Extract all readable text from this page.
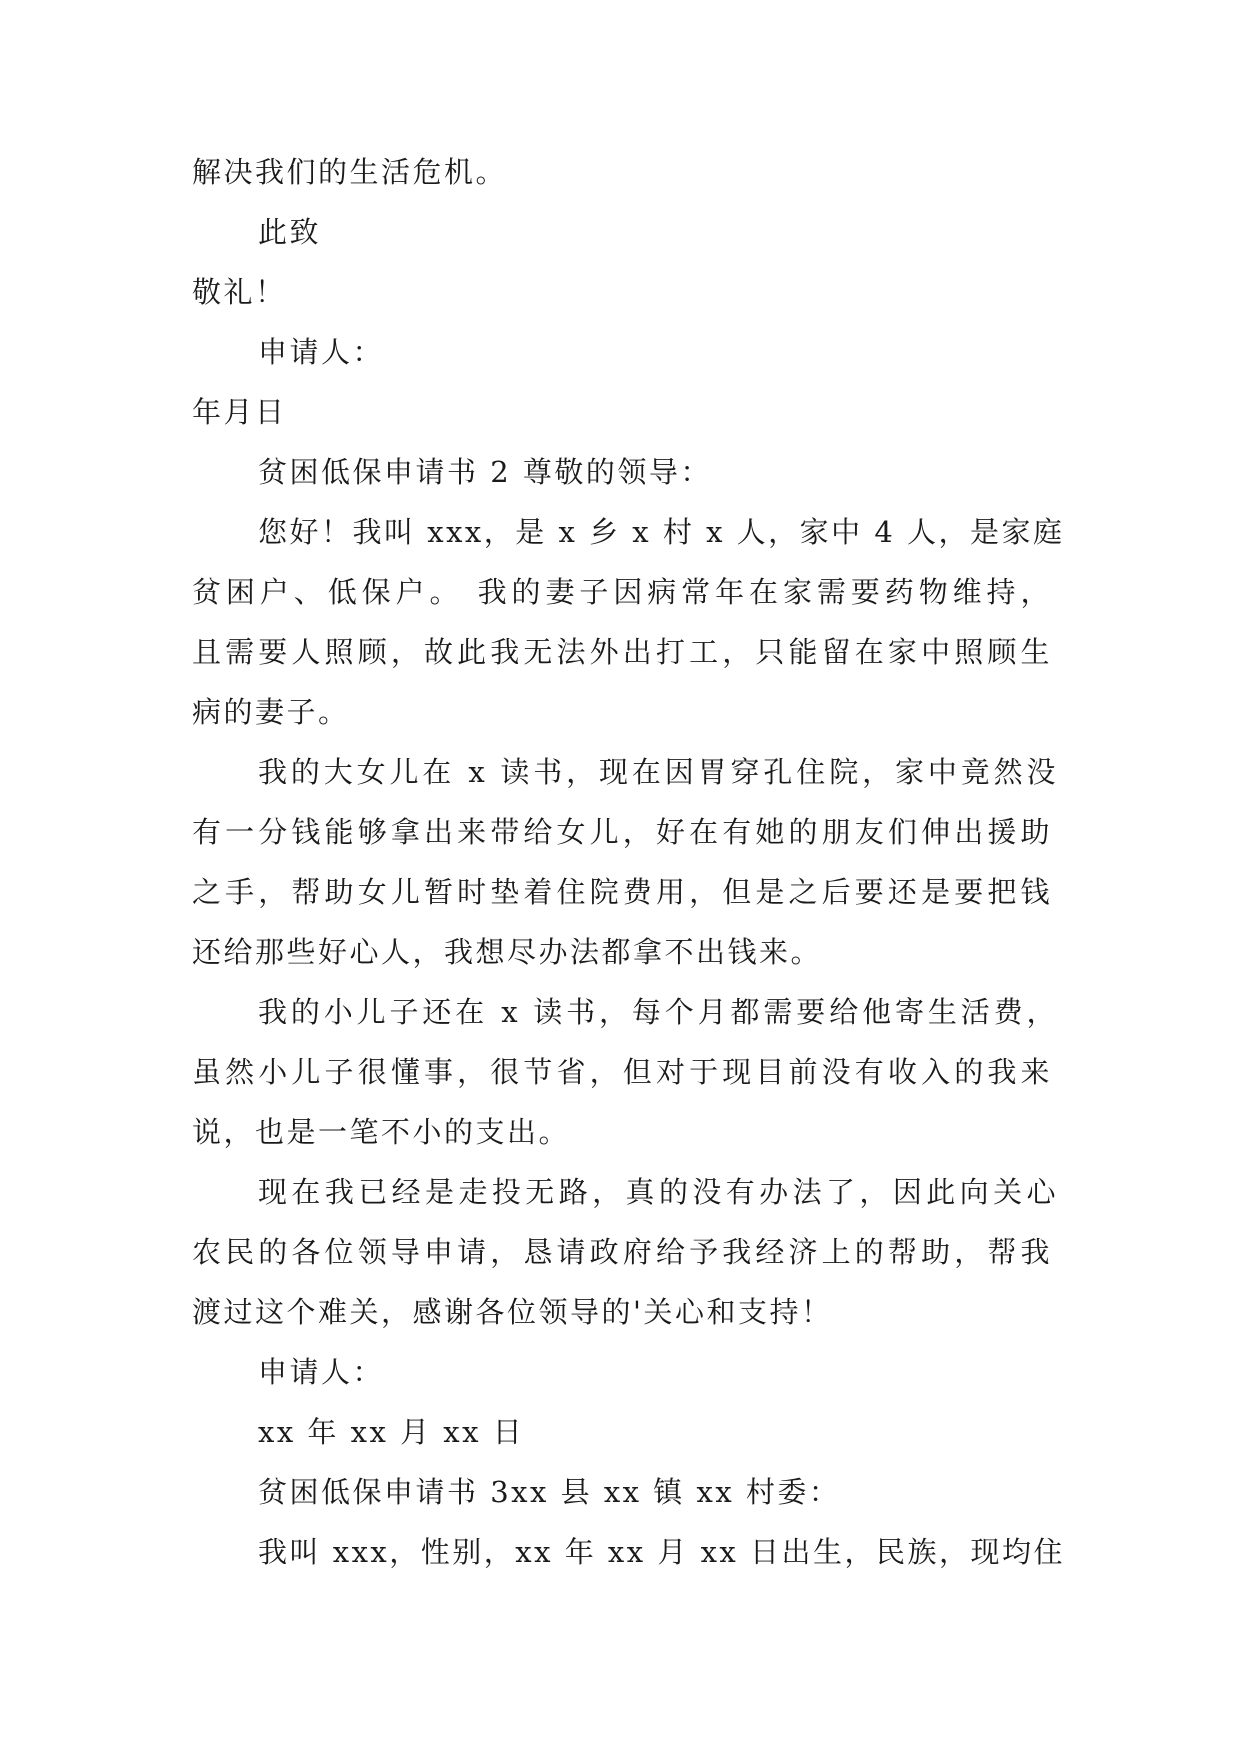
解决我们的生活危机。
此致
敬礼！
申请人：
年月日
贫困低保申请书 2 尊敬的领导：
您好！我叫 xxx，是 x 乡 x 村 x 人，家中 4 人，是家庭
贫困户、低保户。 我的妻子因病常年在家需要药物维持，
且需要人照顾，故此我无法外出打工，只能留在家中照顾生
病的妻子。
我的大女儿在 x 读书，现在因胃穿孔住院，家中竟然没
有一分钱能够拿出来带给女儿，好在有她的朋友们伸出援助
之手，帮助女儿暂时垫着住院费用，但是之后要还是要把钱
还给那些好心人，我想尽办法都拿不出钱来。
我的小儿子还在 x 读书，每个月都需要给他寄生活费，
虽然小儿子很懂事，很节省，但对于现目前没有收入的我来
说，也是一笔不小的支出。
现在我已经是走投无路，真的没有办法了，因此向关心
农民的各位领导申请，恳请政府给予我经济上的帮助，帮我
渡过这个难关，感谢各位领导的'关心和支持！
申请人：
xx 年 xx 月 xx 日
贫困低保申请书 3xx 县 xx 镇 xx 村委：
我叫 xxx，性别，xx 年 xx 月 xx 日出生，民族，现均住
